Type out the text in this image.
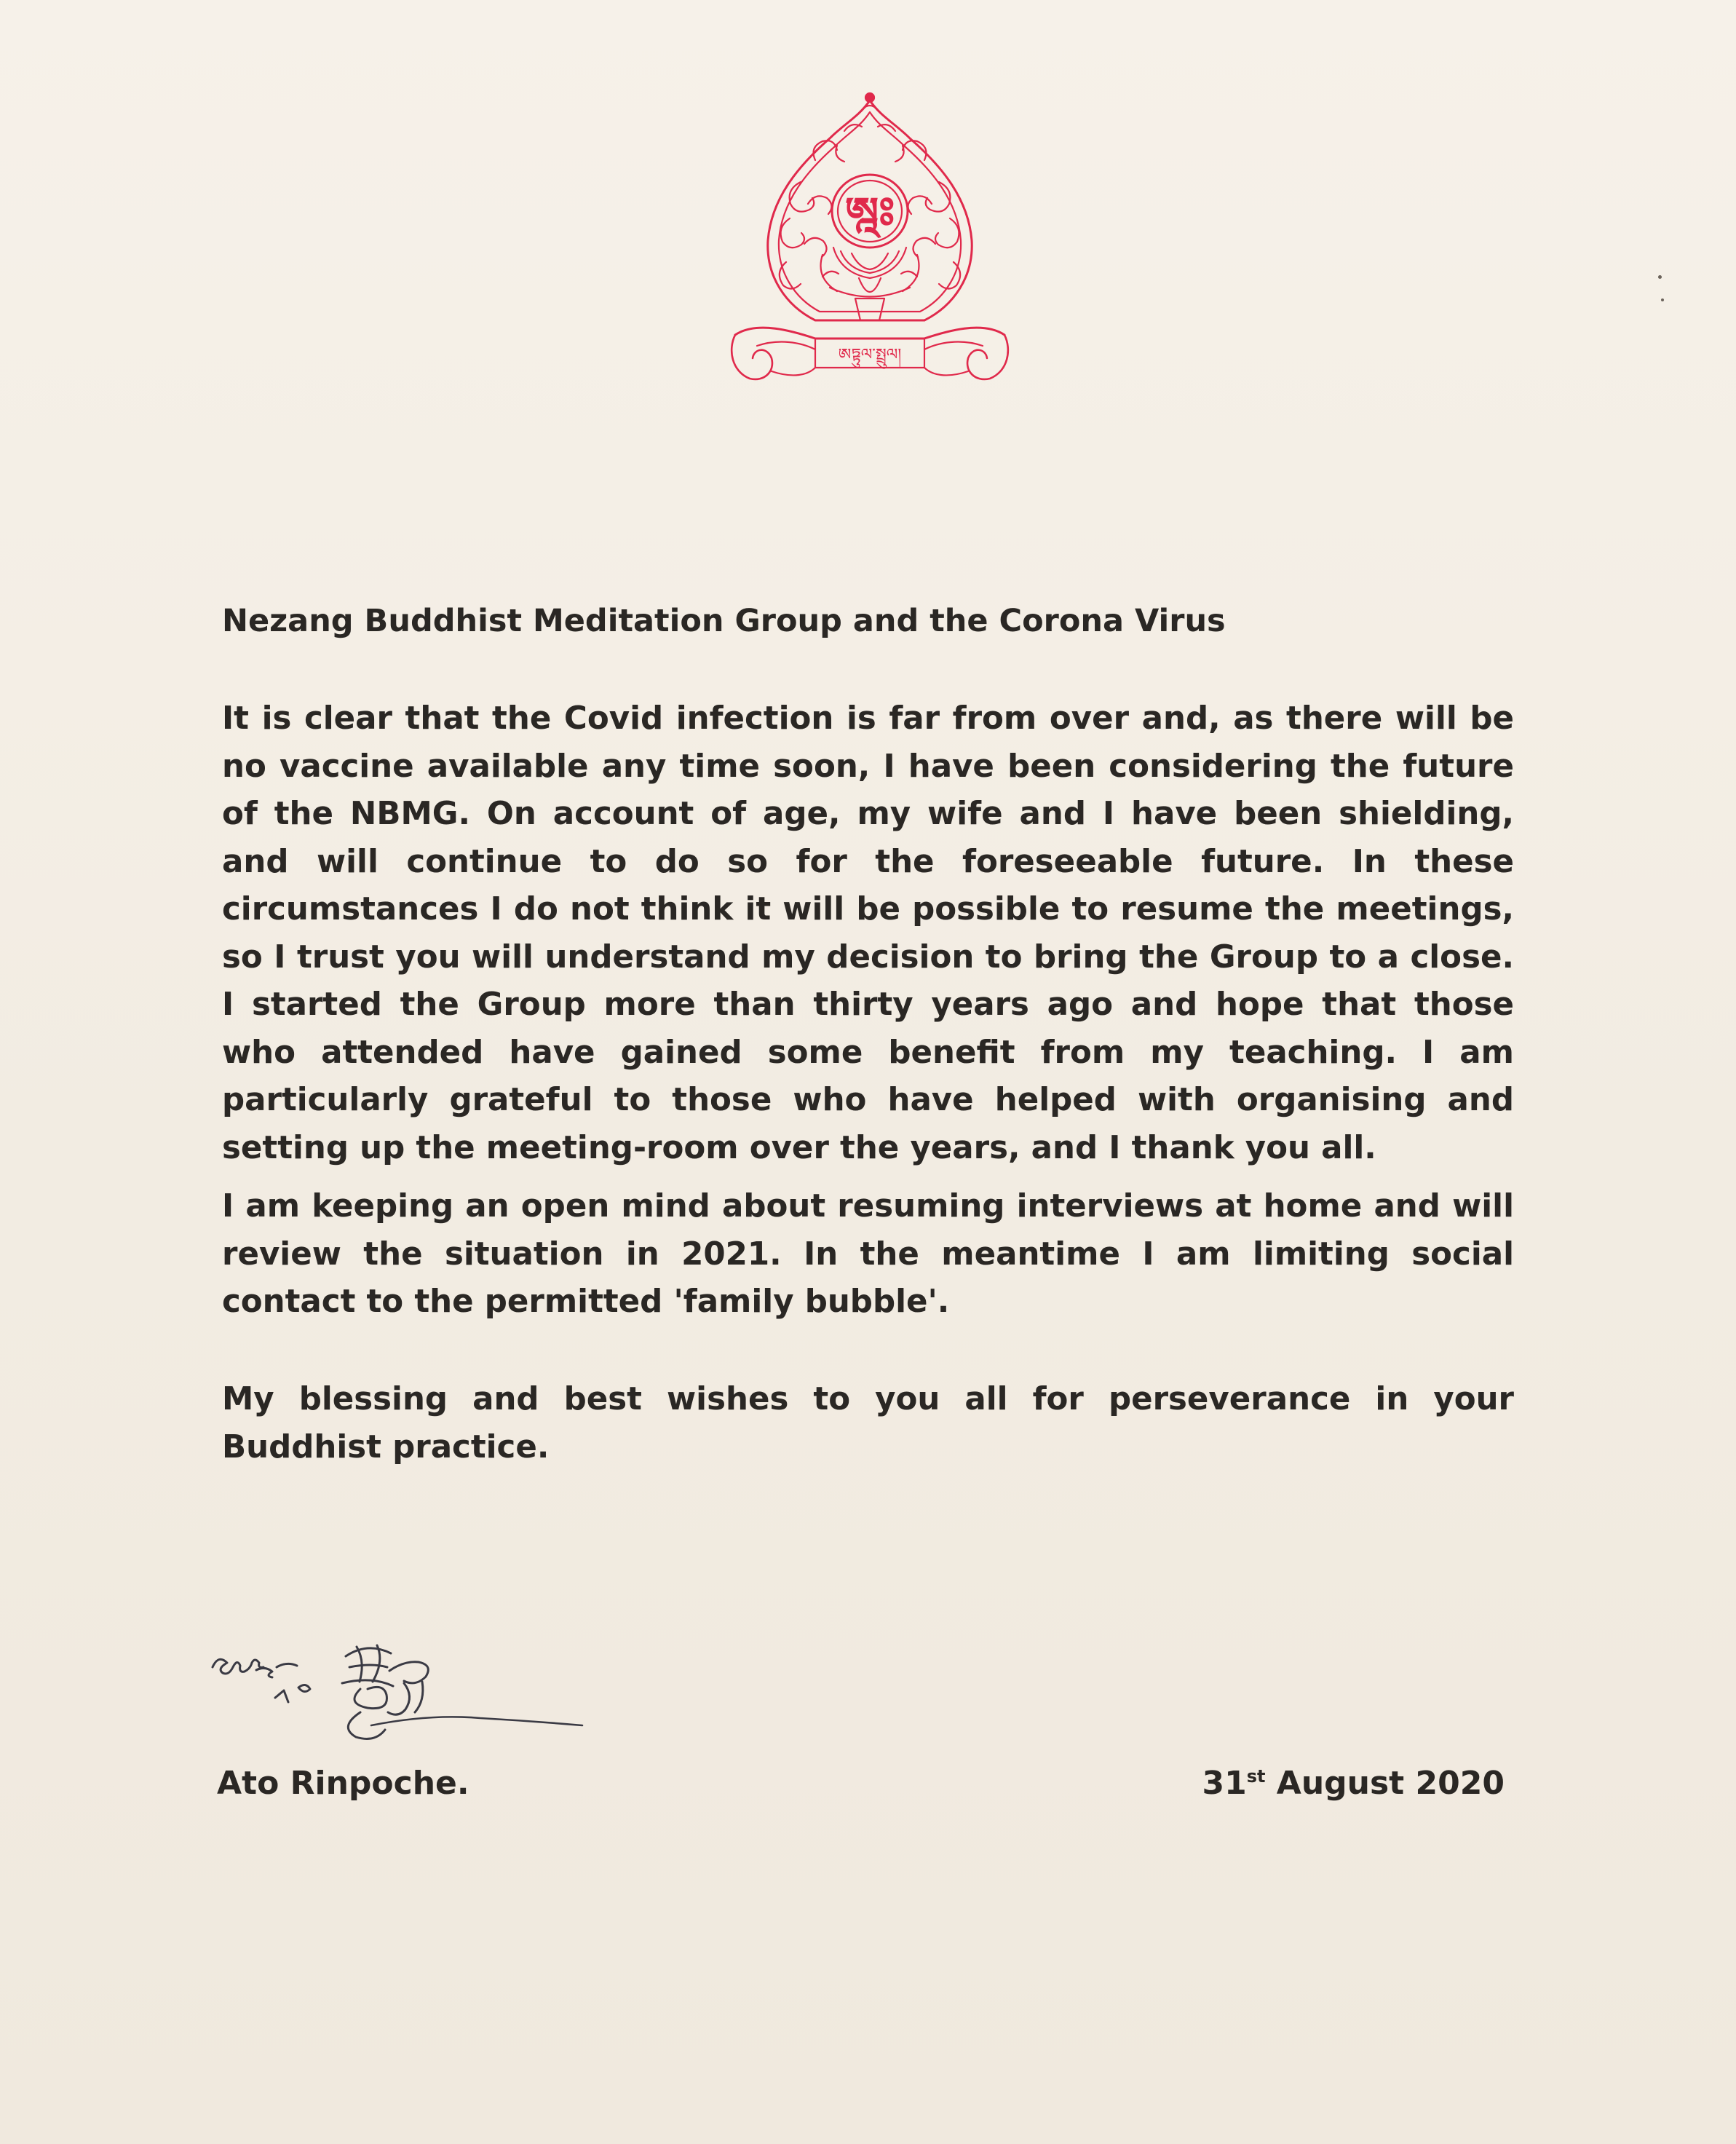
ཨྰཿ
ཨཏྟུལ་སྤྲུལ།
Nezang Buddhist Meditation Group and the Corona Virus
It is clear that the Covid infection is far from over and, as there will be no vaccine available any time soon, I have been considering the future of the NBMG. On account of age, my wife and I have been shielding, and will continue to do so for the foreseeable future. In these circumstances I do not think it will be possible to resume the meetings, so I trust you will understand my decision to bring the Group to a close. I started the Group more than thirty years ago and hope that those who attended have gained some benefit from my teaching. I am particularly grateful to those who have helped with organising and setting up the meeting-room over the years, and I thank you all.
I am keeping an open mind about resuming interviews at home and will review the situation in 2021. In the meantime I am limiting social contact to the permitted 'family bubble'.
My blessing and best wishes to you all for perseverance in your Buddhist practice.
Ato Rinpoche.	31st August 2020
